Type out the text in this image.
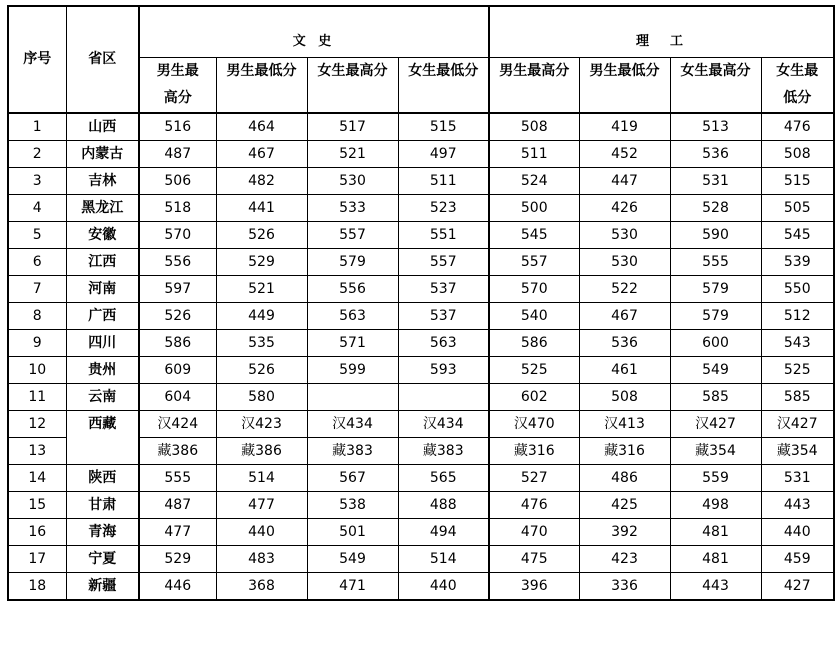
序号	省区	文 史				理　工			
		男生最高分	男生最低分	女生最高分	女生最低分	男生最高分	男生最低分	女生最高分	女生最低分
1	山西	516	464	517	515	508	419	513	476
2	内蒙古	487	467	521	497	511	452	536	508
3	吉林	506	482	530	511	524	447	531	515
4	黑龙江	518	441	533	523	500	426	528	505
5	安徽	570	526	557	551	545	530	590	545
6	江西	556	529	579	557	557	530	555	539
7	河南	597	521	556	537	570	522	579	550
8	广西	526	449	563	537	540	467	579	512
9	四川	586	535	571	563	586	536	600	543
10	贵州	609	526	599	593	525	461	549	525
11	云南	604	580			602	508	585	585
12	西藏	汉424	汉423	汉434	汉434	汉470	汉413	汉427	汉427
13		藏386	藏386	藏383	藏383	藏316	藏316	藏354	藏354
14	陕西	555	514	567	565	527	486	559	531
15	甘肃	487	477	538	488	476	425	498	443
16	青海	477	440	501	494	470	392	481	440
17	宁夏	529	483	549	514	475	423	481	459
18	新疆	446	368	471	440	396	336	443	427
